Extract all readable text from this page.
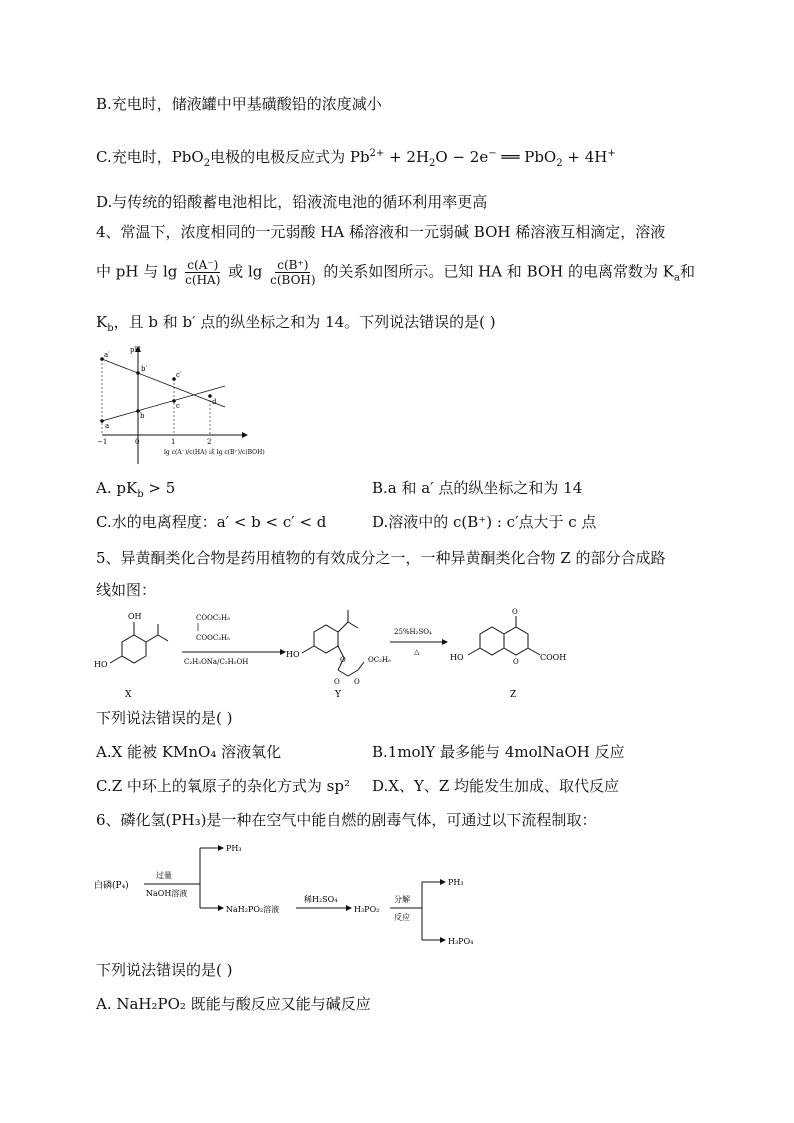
B.充电时，储液罐中甲基磺酸铅的浓度减小
C.充电时，PbO$_2$电极的电极反应式为 $Pb^{2+} + 2H_2O - 2e^-$ ══ PbO$_2$ + 4H+
D.与传统的铅酸蓄电池相比，铅液流电池的循环利用率更高
4、常温下，浓度相同的一元弱酸 HA 稀溶液和一元弱碱 BOH 稀溶液互相滴定，溶液
中 pH 与 $\lg \frac{c(A^-)}{c(HA)}$ 或 $\lg \frac{c(B^+)}{\text{c(BOH)}}$ 的关系如图所示。已知 HA 和 BOH 的电离常数为 $K_a$和
$K_b$，且 b 和 b′ 点的纵坐标之和为 14。下列说法错误的是( )
pH
a′
b′
c′
a
b
c	d
−1	0	1	2
lg c(A⁻)/c(HA) 或 lg c(B⁺)/c(BOH)
A. $pK_b > 5$	B.a 和 a′ 点的纵坐标之和为 14
C.水的电离程度：a′ < b < c′ < d	D.溶液中的 c(B⁺) : c′点大于 c 点
5、异黄酮类化合物是药用植物的有效成分之一，一种异黄酮类化合物 Z 的部分合成路
线如图：
OH
HO
X
COOC₂H₅
COOC₂H₅
C₂H₅ONa/C₂H₅OH
HO
O
O O
OC₂H₅
Y
25%H₂SO₄
△
O
O
HO	COOH
Z
下列说法错误的是( )
A.X 能被 KMnO₄ 溶液氧化	B.1molY 最多能与 4molNaOH 反应
C.Z 中环上的氧原子的杂化方式为 sp² D.X、Y、Z 均能发生加成、取代反应
6、磷化氢(PH₃)是一种在空气中能自燃的剧毒气体，可通过以下流程制取：
白磷(P₄)
过量
NaOH溶液
PH₃
NaH₂PO₂溶液
稀H₂SO₄
H₃PO₂
分解
反应
PH₃
H₃PO₄
下列说法错误的是( )
A. NaH₂PO₂ 既能与酸反应又能与碱反应
